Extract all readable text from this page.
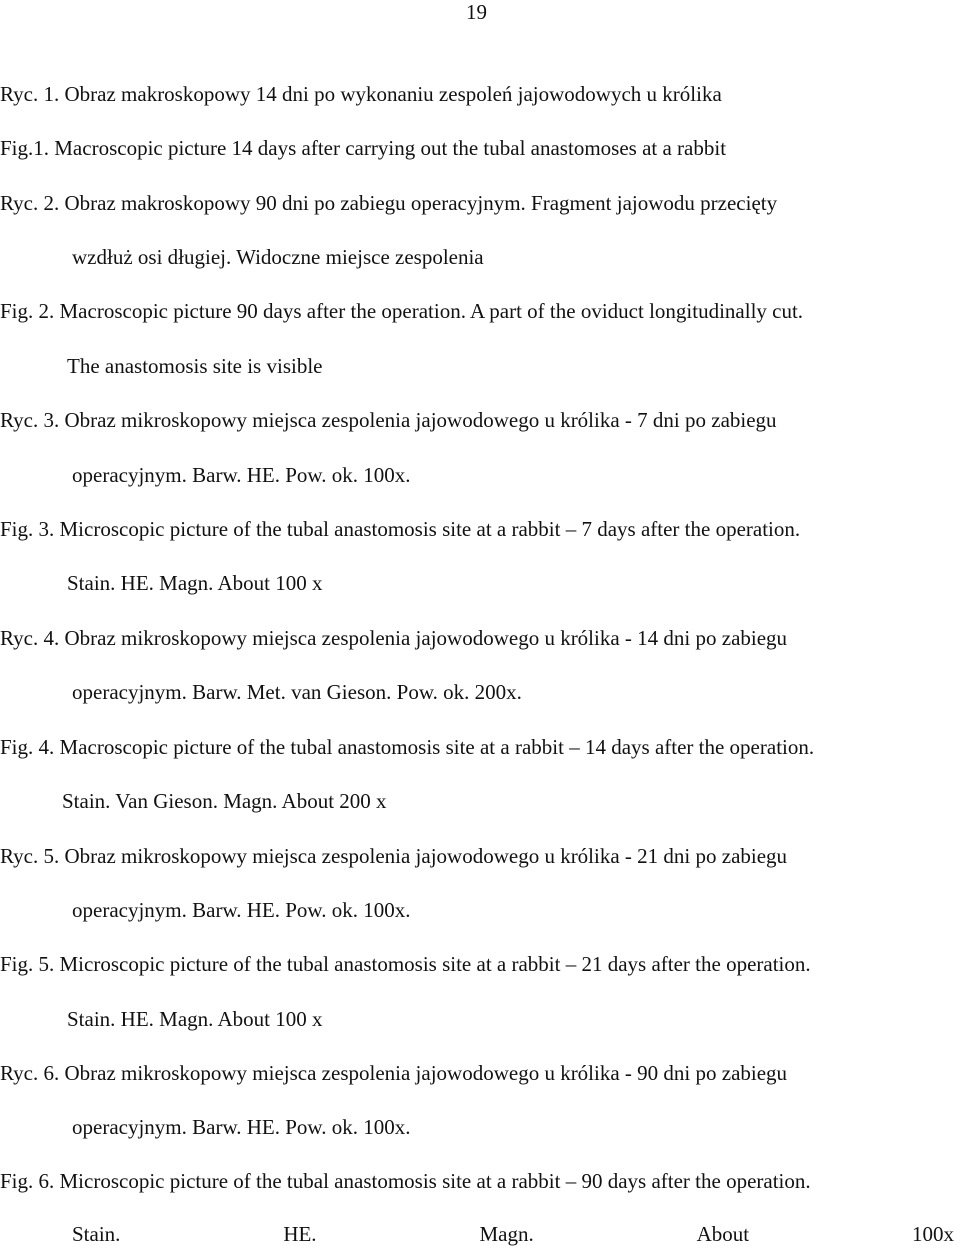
19
Ryc. 1. Obraz makroskopowy 14 dni po wykonaniu zespoleń jajowodowych u królika
Fig.1. Macroscopic picture 14 days after carrying out the tubal anastomoses at a rabbit
Ryc. 2. Obraz makroskopowy 90 dni po zabiegu operacyjnym. Fragment jajowodu przecięty
wzdłuż osi długiej. Widoczne miejsce zespolenia
Fig. 2. Macroscopic picture 90 days after the operation. A part of the oviduct longitudinally cut.
The anastomosis site is visible
Ryc. 3. Obraz mikroskopowy miejsca zespolenia jajowodowego u królika - 7 dni po zabiegu
operacyjnym. Barw. HE. Pow. ok. 100x.
Fig. 3. Microscopic picture of the tubal anastomosis site at a rabbit – 7 days after the operation.
Stain. HE. Magn. About 100 x
Ryc. 4. Obraz mikroskopowy miejsca zespolenia jajowodowego u królika - 14 dni po zabiegu
operacyjnym. Barw. Met. van Gieson. Pow. ok. 200x.
Fig. 4. Macroscopic picture of the tubal anastomosis site at a rabbit – 14 days after the operation.
Stain. Van Gieson. Magn. About 200 x
Ryc. 5. Obraz mikroskopowy miejsca zespolenia jajowodowego u królika - 21 dni po zabiegu
operacyjnym. Barw. HE. Pow. ok. 100x.
Fig. 5. Microscopic picture of the tubal anastomosis site at a rabbit – 21 days after the operation.
Stain. HE. Magn. About 100 x
Ryc. 6. Obraz mikroskopowy miejsca zespolenia jajowodowego u królika - 90 dni po zabiegu
operacyjnym. Barw. HE. Pow. ok. 100x.
Fig. 6. Microscopic picture of the tubal anastomosis site at a rabbit – 90 days after the operation.
Stain.	HE.	Magn.	About	100x
